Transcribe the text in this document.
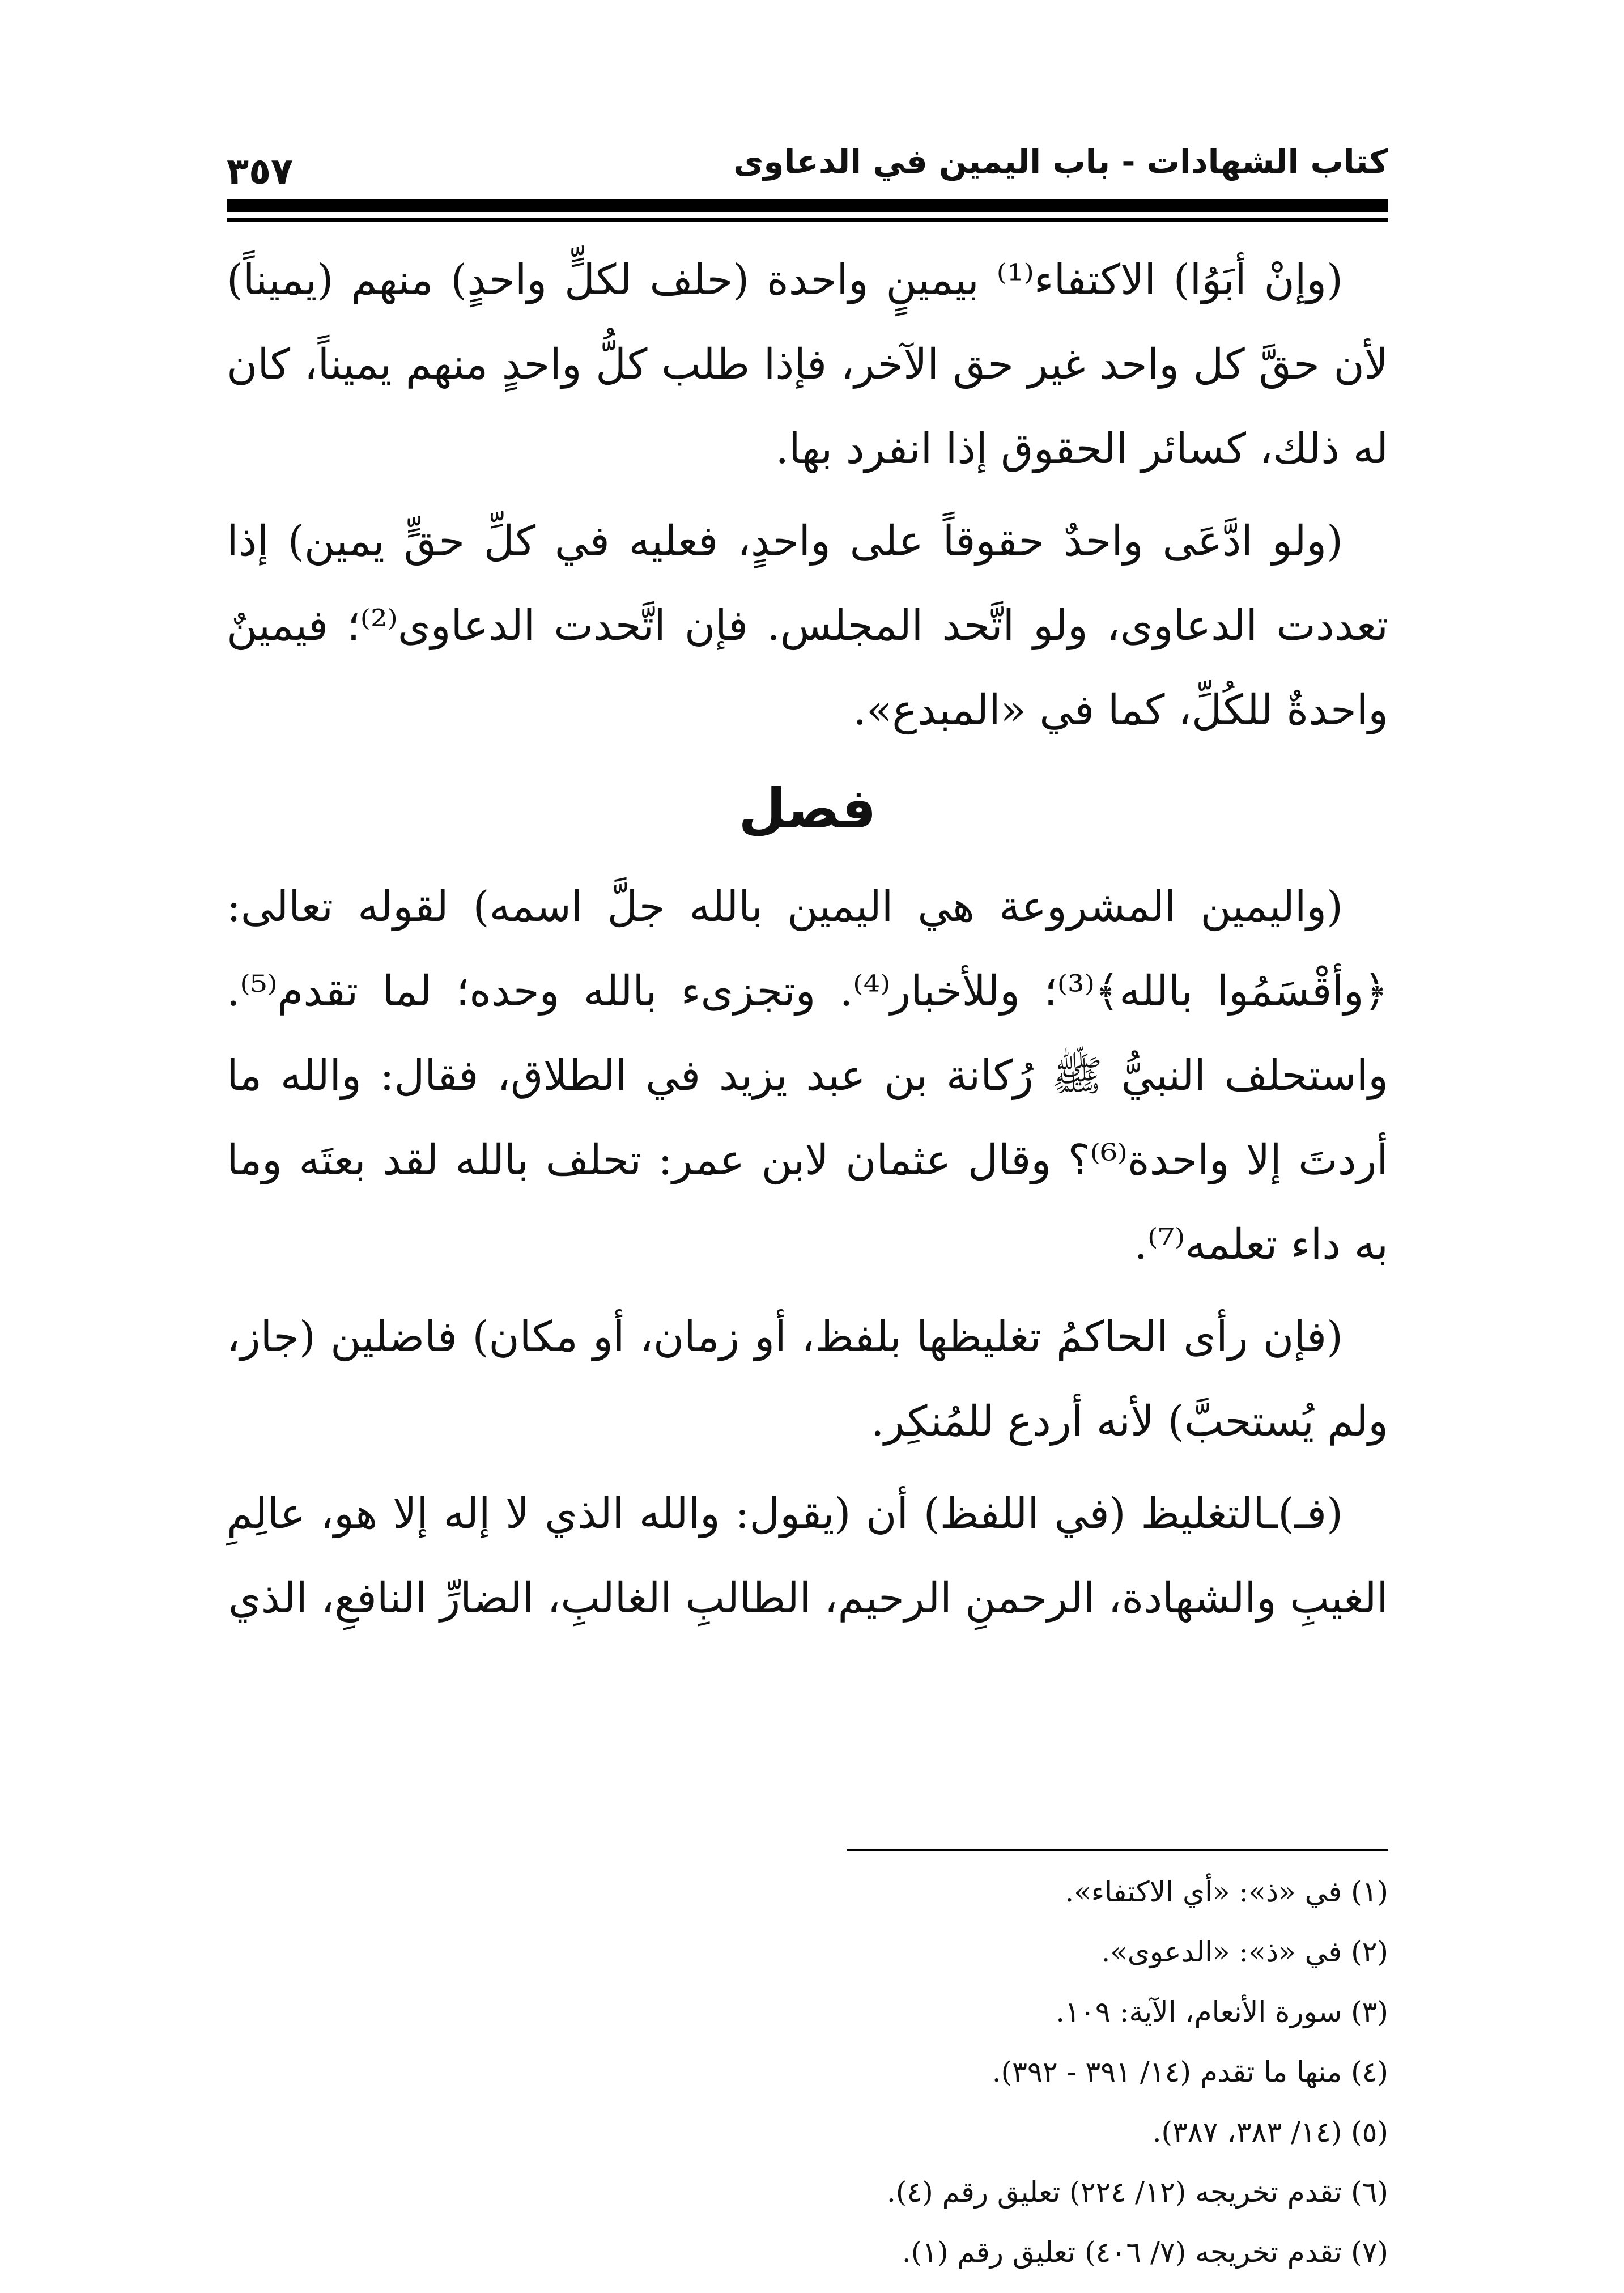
كتاب الشهادات - باب اليمين في الدعاوى
٣٥٧

(وإنْ أبَوُا) الاكتفاء⁽¹⁾ بيمينٍ واحدة (حلف لكلٍّ واحدٍ) منهم (يميناً) لأن حقَّ كل واحد غير حق الآخر، فإذا طلب كلُّ واحدٍ منهم يميناً، كان له ذلك، كسائر الحقوق إذا انفرد بها.

(ولو ادَّعَى واحدٌ حقوقاً على واحدٍ، فعليه في كلِّ حقٍّ يمين) إذا تعددت الدعاوى، ولو اتَّحد المجلس. فإن اتَّحدت الدعاوى⁽²⁾؛ فيمينٌ واحدةٌ للكُلِّ، كما في «المبدع».

فصل

(واليمين المشروعة هي اليمين بالله جلَّ اسمه) لقوله تعالى: ﴿وأقْسَمُوا بالله﴾⁽³⁾؛ وللأخبار⁽⁴⁾. وتجزىء بالله وحده؛ لما تقدم⁽⁵⁾. واستحلف النبيُّ ﷺ رُكانة بن عبد يزيد في الطلاق، فقال: والله ما أردتَ إلا واحدة⁽⁶⁾؟ وقال عثمان لابن عمر: تحلف بالله لقد بعتَه وما به داء تعلمه⁽⁷⁾.

(فإن رأى الحاكمُ تغليظها بلفظ، أو زمان، أو مكان) فاضلين (جاز، ولم يُستحبَّ) لأنه أردع للمُنكِر.

(فـ)ـالتغليظ (في اللفظ) أن (يقول: والله الذي لا إله إلا هو، عالِمِ الغيبِ والشهادة، الرحمنِ الرحيم، الطالبِ الغالبِ، الضارِّ النافعِ، الذي

(١) في «ذ»: «أي الاكتفاء».
(٢) في «ذ»: «الدعوى».
(٣) سورة الأنعام، الآية: ١٠٩.
(٤) منها ما تقدم (١٤/ ٣٩١ - ٣٩٢).
(٥) (١٤/ ٣٨٣، ٣٨٧).
(٦) تقدم تخريجه (١٢/ ٢٢٤) تعليق رقم (٤).
(٧) تقدم تخريجه (٧/ ٤٠٦) تعليق رقم (١).
